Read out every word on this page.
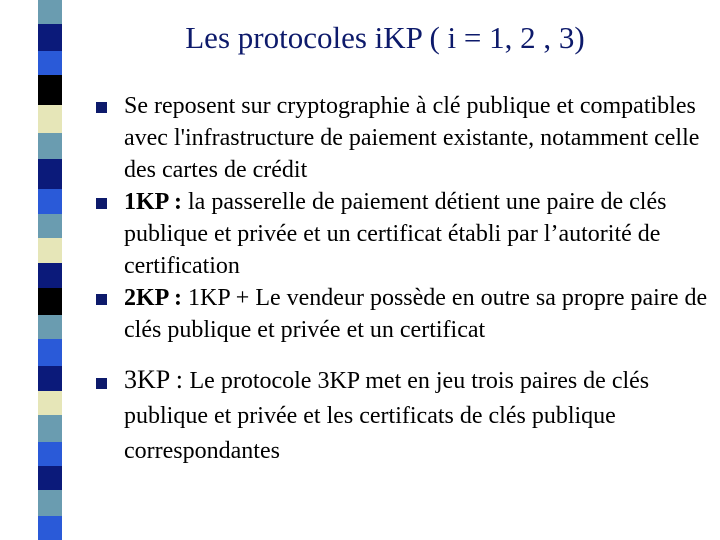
Les protocoles iKP ( i = 1, 2 , 3)
Se reposent sur cryptographie à clé publique et compatibles avec l'infrastructure de paiement existante, notamment celle des cartes de crédit
1KP : la passerelle de paiement détient une paire de clés publique et privée et un certificat établi par l’autorité de certification
2KP : 1KP + Le vendeur possède en outre sa propre paire de clés publique et privée et un certificat
3KP : Le protocole 3KP met en jeu trois paires de clés publique et privée et les certificats de clés publique correspondantes
